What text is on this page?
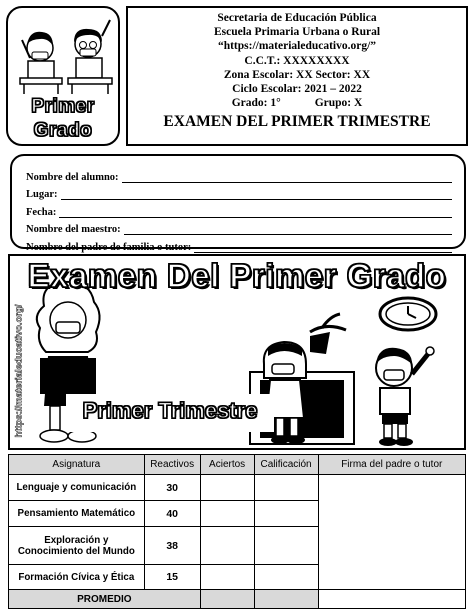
Primer
Grado
Secretaria de Educación Pública
Escuela Primaria Urbana o Rural
“https://materialeducativo.org/”
C.C.T.: XXXXXXXX
Zona Escolar: XX Sector: XX
Ciclo Escolar: 2021 – 2022
Grado: 1°	Grupo: X
EXAMEN DEL PRIMER TRIMESTRE
Nombre del alumno:
Lugar:
Fecha:
Nombre del maestro:
Nombre del padre de familia o tutor:
Examen Del Primer Grado
https://materialeducativo.org/	Primer Trimestre
Asignatura	Reactivos	Aciertos	Calificación	Firma del padre o tutor
Lenguaje y comunicación	30			
Pensamiento Matemático	40			
Exploración y Conocimiento del Mundo	38			
Formación Cívica y Ética	15			
PROMEDIO				
